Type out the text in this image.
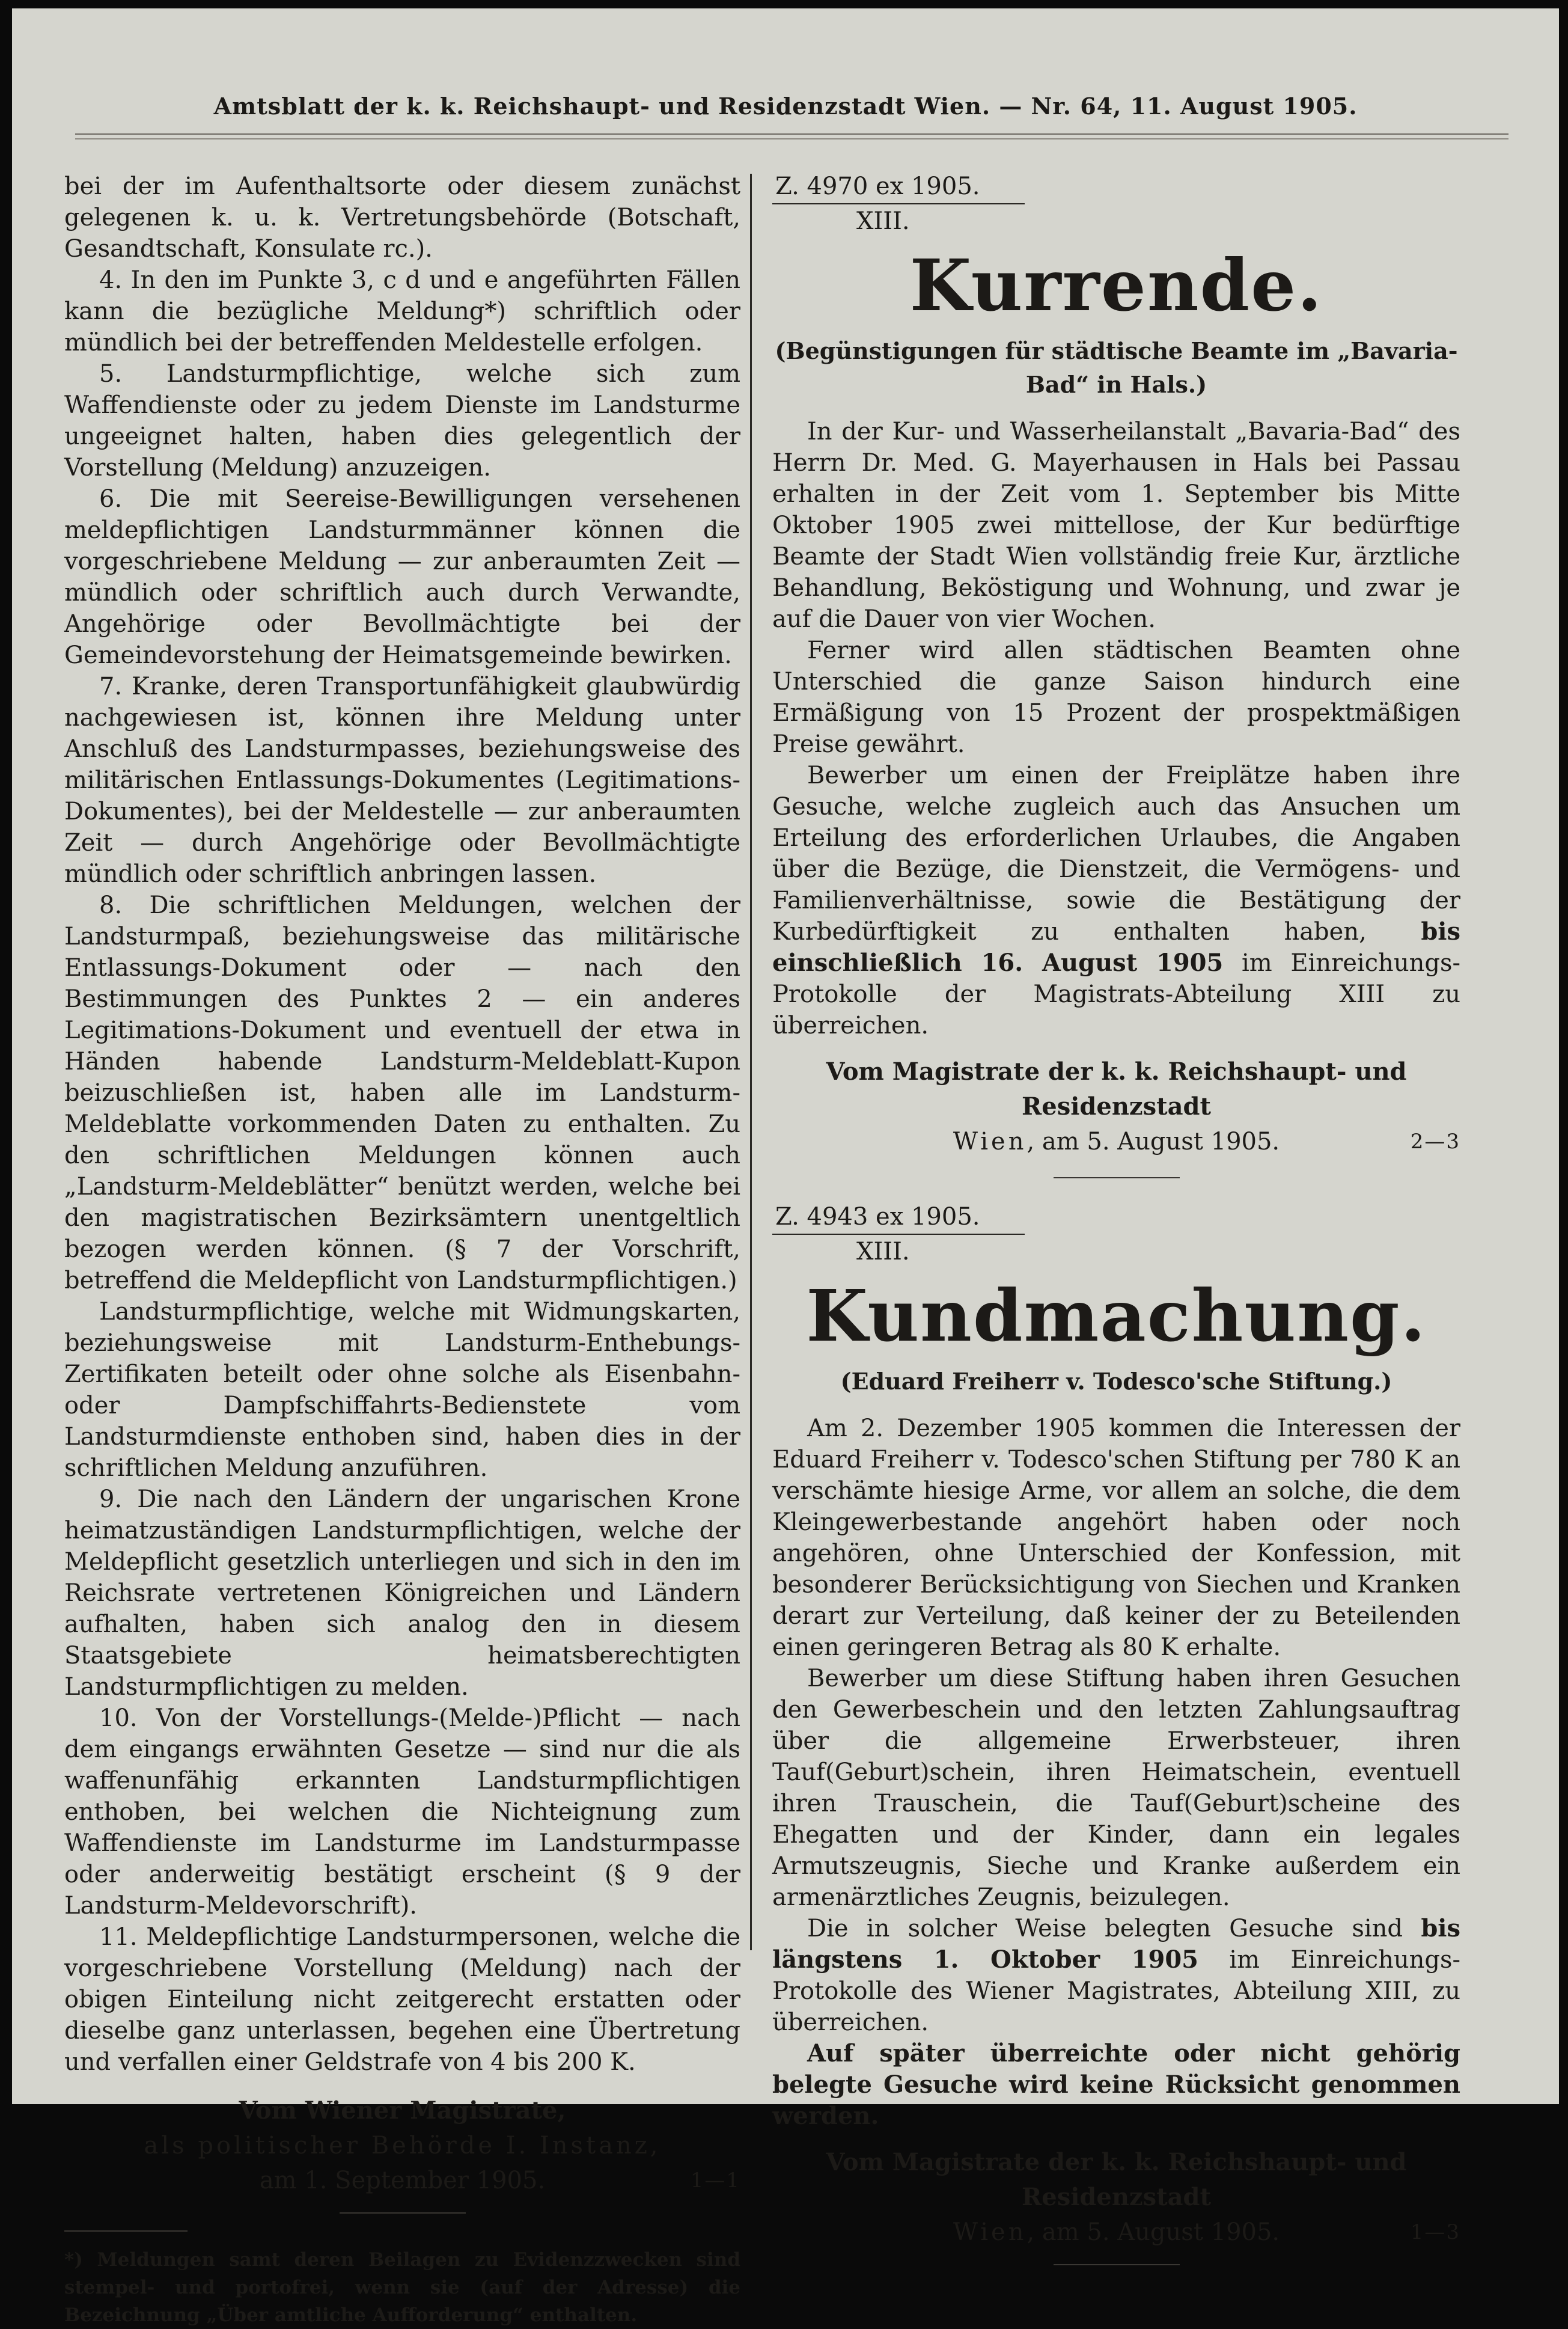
Amtsblatt der k. k. Reichshaupt- und Residenzstadt Wien. — Nr. 64, 11. August 1905.

bei der im Aufenthaltsorte oder diesem zunächst gelegenen k. u. k. Vertretungsbehörde (Botschaft, Gesandtschaft, Konsulate rc.).

4. In den im Punkte 3, c d und e angeführten Fällen kann die bezügliche Meldung*) schriftlich oder mündlich bei der betreffenden Meldestelle erfolgen.

5. Landsturmpflichtige, welche sich zum Waffendienste oder zu jedem Dienste im Landsturme ungeeignet halten, haben dies gelegentlich der Vorstellung (Meldung) anzuzeigen.

6. Die mit Seereise-Bewilligungen versehenen meldepflichtigen Landsturmmänner können die vorgeschriebene Meldung — zur anberaumten Zeit — mündlich oder schriftlich auch durch Verwandte, Angehörige oder Bevollmächtigte bei der Gemeindevorstehung der Heimatsgemeinde bewirken.

7. Kranke, deren Transportunfähigkeit glaubwürdig nachgewiesen ist, können ihre Meldung unter Anschluß des Landsturmpasses, beziehungsweise des militärischen Entlassungs-Dokumentes (Legitimations-Dokumentes), bei der Meldestelle — zur anberaumten Zeit — durch Angehörige oder Bevollmächtigte mündlich oder schriftlich anbringen lassen.

8. Die schriftlichen Meldungen, welchen der Landsturmpaß, beziehungsweise das militärische Entlassungs-Dokument oder — nach den Bestimmungen des Punktes 2 — ein anderes Legitimations-Dokument und eventuell der etwa in Händen habende Landsturm-Meldeblatt-Kupon beizuschließen ist, haben alle im Landsturm-Meldeblatte vorkommenden Daten zu enthalten. Zu den schriftlichen Meldungen können auch „Landsturm-Meldeblätter“ benützt werden, welche bei den magistratischen Bezirksämtern unentgeltlich bezogen werden können. (§ 7 der Vorschrift, betreffend die Meldepflicht von Landsturmpflichtigen.)

Landsturmpflichtige, welche mit Widmungskarten, beziehungsweise mit Landsturm-Enthebungs-Zertifikaten beteilt oder ohne solche als Eisenbahn- oder Dampfschiffahrts-Bedienstete vom Landsturmdienste enthoben sind, haben dies in der schriftlichen Meldung anzuführen.

9. Die nach den Ländern der ungarischen Krone heimatzuständigen Landsturmpflichtigen, welche der Meldepflicht gesetzlich unterliegen und sich in den im Reichsrate vertretenen Königreichen und Ländern aufhalten, haben sich analog den in diesem Staatsgebiete heimatsberechtigten Landsturmpflichtigen zu melden.

10. Von der Vorstellungs-(Melde-)Pflicht — nach dem eingangs erwähnten Gesetze — sind nur die als waffenunfähig erkannten Landsturmpflichtigen enthoben, bei welchen die Nichteignung zum Waffendienste im Landsturme im Landsturmpasse oder anderweitig bestätigt erscheint (§ 9 der Landsturm-Meldevorschrift).

11. Meldepflichtige Landsturmpersonen, welche die vorgeschriebene Vorstellung (Meldung) nach der obigen Einteilung nicht zeitgerecht erstatten oder dieselbe ganz unterlassen, begehen eine Übertretung und verfallen einer Geldstrafe von 4 bis 200 K.

Vom Wiener Magistrate,
als politischer Behörde I. Instanz,
am 1. September 1905.	1—1
*) Meldungen samt deren Beilagen zu Evidenzzwecken sind stempel- und portofrei, wenn sie (auf der Adresse) die Bezeichnung „Über amtliche Aufforderung“ enthalten.
Z. 4970 ex 1905.
XIII.
Kurrende.
(Begünstigungen für städtische Beamte im „Bavaria-Bad“ in Hals.)

In der Kur- und Wasserheilanstalt „Bavaria-Bad“ des Herrn Dr. Med. G. Mayerhausen in Hals bei Passau erhalten in der Zeit vom 1. September bis Mitte Oktober 1905 zwei mittellose, der Kur bedürftige Beamte der Stadt Wien vollständig freie Kur, ärztliche Behandlung, Beköstigung und Wohnung, und zwar je auf die Dauer von vier Wochen.

Ferner wird allen städtischen Beamten ohne Unterschied die ganze Saison hindurch eine Ermäßigung von 15 Prozent der prospektmäßigen Preise gewährt.

Bewerber um einen der Freiplätze haben ihre Gesuche, welche zugleich auch das Ansuchen um Erteilung des erforderlichen Urlaubes, die Angaben über die Bezüge, die Dienstzeit, die Vermögens- und Familienverhältnisse, sowie die Bestätigung der Kurbedürftigkeit zu enthalten haben, bis einschließlich 16. August 1905 im Einreichungs-Protokolle der Magistrats-Abteilung XIII zu überreichen.

Vom Magistrate der k. k. Reichshaupt- und Residenzstadt
Wien, am 5. August 1905.	2—3
Z. 4943 ex 1905.
XIII.
Kundmachung.
(Eduard Freiherr v. Todesco'sche Stiftung.)

Am 2. Dezember 1905 kommen die Interessen der Eduard Freiherr v. Todesco'schen Stiftung per 780 K an verschämte hiesige Arme, vor allem an solche, die dem Kleingewerbestande angehört haben oder noch angehören, ohne Unterschied der Konfession, mit besonderer Berücksichtigung von Siechen und Kranken derart zur Verteilung, daß keiner der zu Beteilenden einen geringeren Betrag als 80 K erhalte.

Bewerber um diese Stiftung haben ihren Gesuchen den Gewerbeschein und den letzten Zahlungsauftrag über die allgemeine Erwerbsteuer, ihren Tauf(Geburt)schein, ihren Heimatschein, eventuell ihren Trauschein, die Tauf(Geburt)scheine des Ehegatten und der Kinder, dann ein legales Armutszeugnis, Sieche und Kranke außerdem ein armenärztliches Zeugnis, beizulegen.

Die in solcher Weise belegten Gesuche sind bis längstens 1. Oktober 1905 im Einreichungs-Protokolle des Wiener Magistrates, Abteilung XIII, zu überreichen.

Auf später überreichte oder nicht gehörig belegte Gesuche wird keine Rücksicht genommen werden.

Vom Magistrate der k. k. Reichshaupt- und Residenzstadt
Wien, am 5. August 1905.	1—3
